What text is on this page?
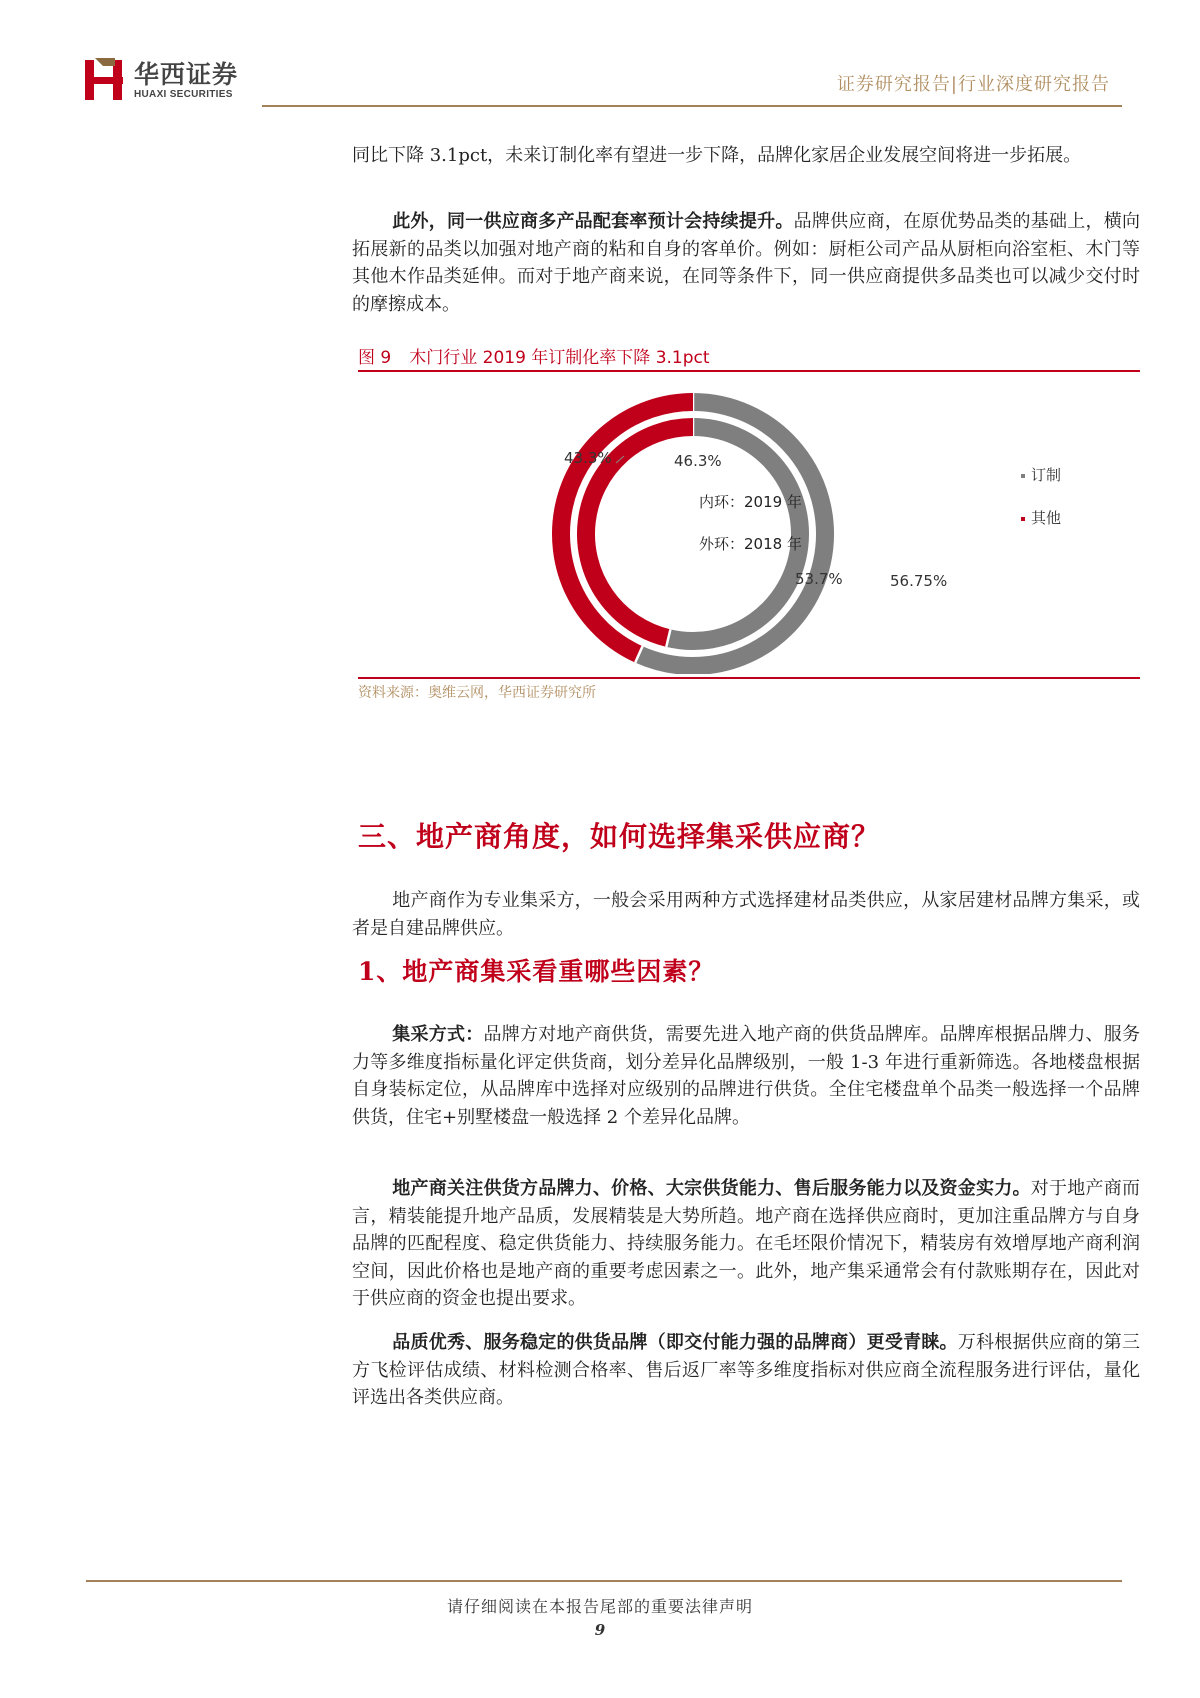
华西证券
HUAXI SECURITIES	证券研究报告|行业深度研究报告
同比下降 3.1pct，未来订制化率有望进一步下降，品牌化家居企业发展空间将进一步拓展。
此外，同一供应商多产品配套率预计会持续提升。品牌供应商，在原优势品类的基础上，横向拓展新的品类以加强对地产商的粘和自身的客单价。例如：厨柜公司产品从厨柜向浴室柜、木门等其他木作品类延伸。而对于地产商来说，在同等条件下，同一供应商提供多品类也可以减少交付时的摩擦成本。
图 9 木门行业 2019 年订制化率下降 3.1pct
43.3%	46.3%
53.7%	56.75%
内环：2019 年
外环：2018 年
订制
其他
资料来源：奥维云网，华西证券研究所
三、地产商角度，如何选择集采供应商？
地产商作为专业集采方，一般会采用两种方式选择建材品类供应，从家居建材品牌方集采，或者是自建品牌供应。
1、地产商集采看重哪些因素？
集采方式：品牌方对地产商供货，需要先进入地产商的供货品牌库。品牌库根据品牌力、服务力等多维度指标量化评定供货商，划分差异化品牌级别，一般 1-3 年进行重新筛选。各地楼盘根据自身装标定位，从品牌库中选择对应级别的品牌进行供货。全住宅楼盘单个品类一般选择一个品牌供货，住宅+别墅楼盘一般选择 2 个差异化品牌。
地产商关注供货方品牌力、价格、大宗供货能力、售后服务能力以及资金实力。对于地产商而言，精装能提升地产品质，发展精装是大势所趋。地产商在选择供应商时，更加注重品牌方与自身品牌的匹配程度、稳定供货能力、持续服务能力。在毛坯限价情况下，精装房有效增厚地产商利润空间，因此价格也是地产商的重要考虑因素之一。此外，地产集采通常会有付款账期存在，因此对于供应商的资金也提出要求。
品质优秀、服务稳定的供货品牌（即交付能力强的品牌商）更受青睐。万科根据供应商的第三方飞检评估成绩、材料检测合格率、售后返厂率等多维度指标对供应商全流程服务进行评估，量化评选出各类供应商。
请仔细阅读在本报告尾部的重要法律声明
9
